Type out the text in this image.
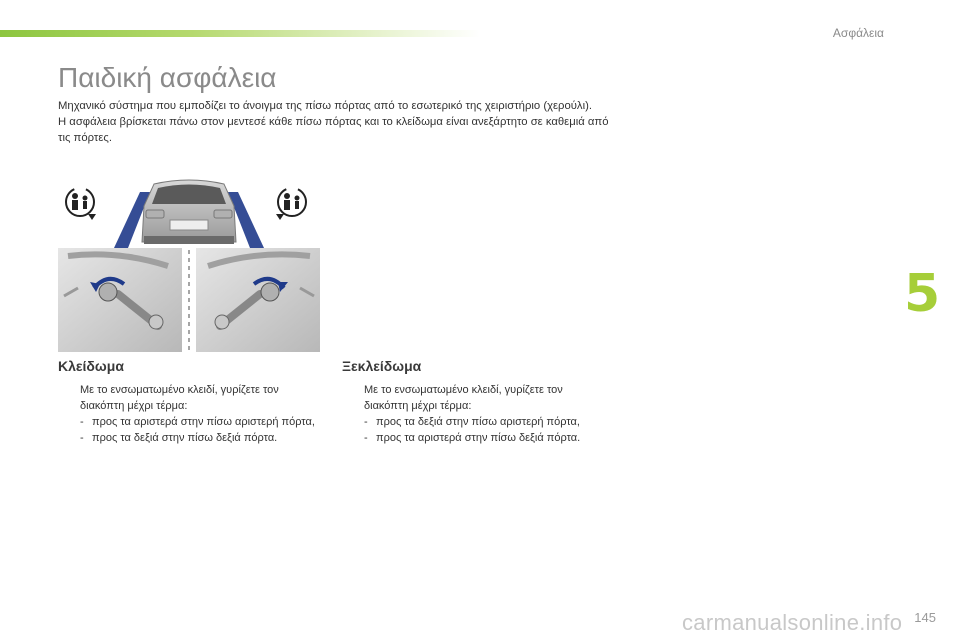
Ασφάλεια
Παιδική ασφάλεια

Μηχανικό σύστημα που εμποδίζει το άνοιγμα της πίσω πόρτας από το εσωτερικό της χειριστήριο (χερούλι).

Η ασφάλεια βρίσκεται πάνω στον μεντεσέ κάθε πίσω πόρτας και το κλείδωμα είναι ανεξάρτητο σε καθεμιά από τις πόρτες.

Κλείδωμα
Με το ενσωματωμένο κλειδί, γυρίζετε τον διακόπτη μέχρι τέρμα:
- προς τα αριστερά στην πίσω αριστερή πόρτα,
- προς τα δεξιά στην πίσω δεξιά πόρτα.
Ξεκλείδωμα
Με το ενσωματωμένο κλειδί, γυρίζετε τον διακόπτη μέχρι τέρμα:
- προς τα δεξιά στην πίσω αριστερή πόρτα,
- προς τα αριστερά στην πίσω δεξιά πόρτα.
5
carmanualsonline.info 145
